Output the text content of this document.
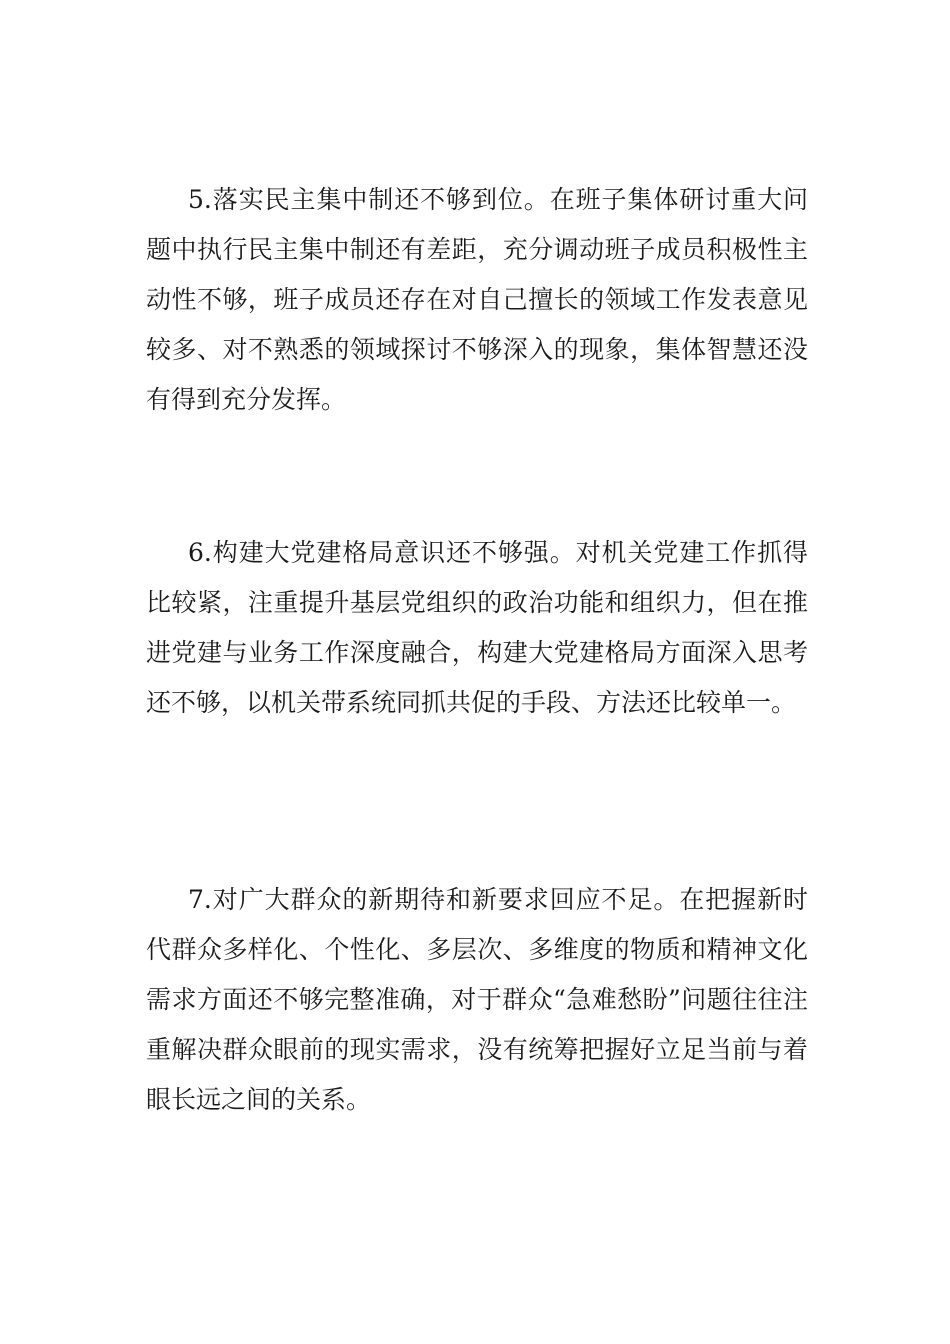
5.落实民主集中制还不够到位。在班子集体研讨重大问题中执行民主集中制还有差距，充分调动班子成员积极性主动性不够，班子成员还存在对自己擅长的领域工作发表意见较多、对不熟悉的领域探讨不够深入的现象，集体智慧还没有得到充分发挥。

6.构建大党建格局意识还不够强。对机关党建工作抓得比较紧，注重提升基层党组织的政治功能和组织力，但在推进党建与业务工作深度融合，构建大党建格局方面深入思考还不够，以机关带系统同抓共促的手段、方法还比较单一。

7.对广大群众的新期待和新要求回应不足。在把握新时代群众多样化、个性化、多层次、多维度的物质和精神文化需求方面还不够完整准确，对于群众“急难愁盼”问题往往注重解决群众眼前的现实需求，没有统筹把握好立足当前与着眼长远之间的关系。
